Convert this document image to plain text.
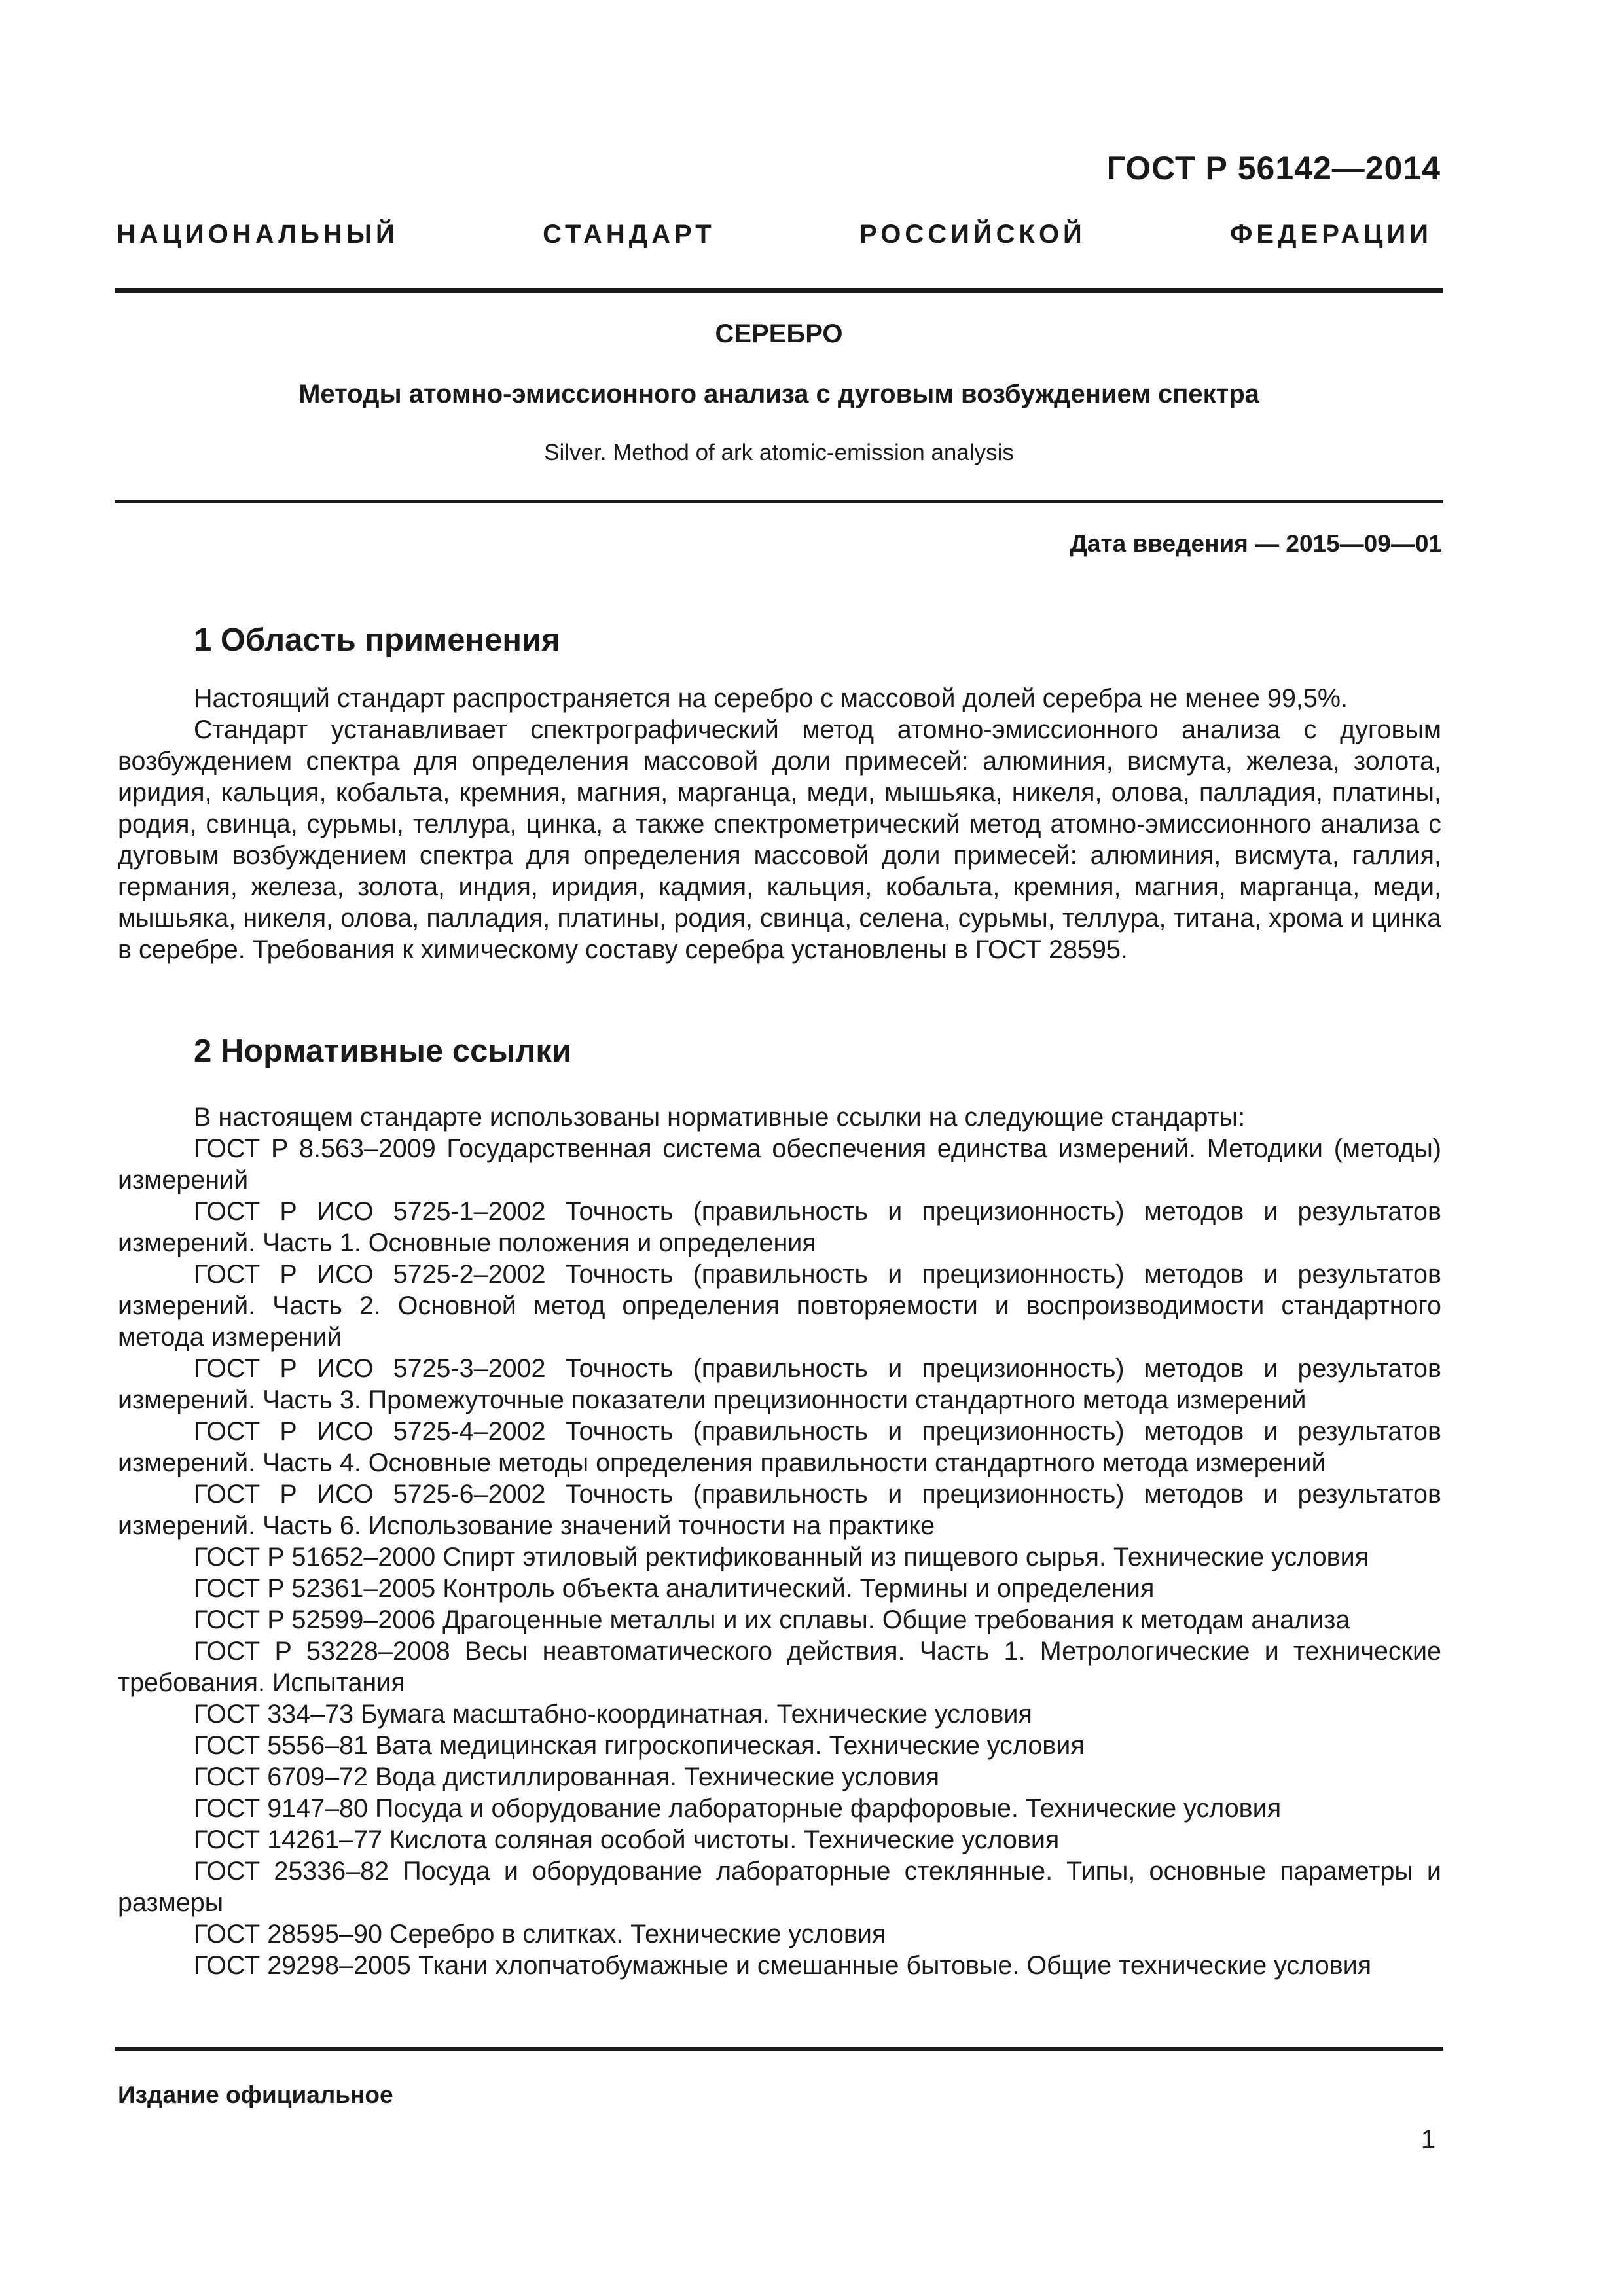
ГОСТ Р 56142—2014
НАЦИОНАЛЬНЫЙ СТАНДАРТ РОССИЙСКОЙ ФЕДЕРАЦИИ
СЕРЕБРО
Методы атомно-эмиссионного анализа с дуговым возбуждением спектра
Silver. Method of ark atomic-emission analysis
Дата введения — 2015—09—01
1 Область применения

Настоящий стандарт распространяется на серебро с массовой долей серебра не менее 99,5%.

Стандарт устанавливает спектрографический метод атомно-эмиссионного анализа с дуговым возбуждением спектра для определения массовой доли примесей: алюминия, висмута, железа, золота, иридия, кальция, кобальта, кремния, магния, марганца, меди, мышьяка, никеля, олова, палладия, платины, родия, свинца, сурьмы, теллура, цинка, а также спектрометрический метод атомно-эмиссионного анализа с дуговым возбуждением спектра для определения массовой доли примесей: алюминия, висмута, галлия, германия, железа, золота, индия, иридия, кадмия, кальция, кобальта, кремния, магния, марганца, меди, мышьяка, никеля, олова, палладия, платины, родия, свинца, селена, сурьмы, теллура, титана, хрома и цинка в серебре. Требования к химическому составу серебра установлены в ГОСТ 28595.

2 Нормативные ссылки

В настоящем стандарте использованы нормативные ссылки на следующие стандарты:

ГОСТ Р 8.563–2009 Государственная система обеспечения единства измерений. Методики (методы) измерений

ГОСТ Р ИСО 5725-1–2002 Точность (правильность и прецизионность) методов и результатов измерений. Часть 1. Основные положения и определения

ГОСТ Р ИСО 5725-2–2002 Точность (правильность и прецизионность) методов и результатов измерений. Часть 2. Основной метод определения повторяемости и воспроизводимости стандартного метода измерений

ГОСТ Р ИСО 5725-3–2002 Точность (правильность и прецизионность) методов и результатов измерений. Часть 3. Промежуточные показатели прецизионности стандартного метода измерений

ГОСТ Р ИСО 5725-4–2002 Точность (правильность и прецизионность) методов и результатов измерений. Часть 4. Основные методы определения правильности стандартного метода измерений

ГОСТ Р ИСО 5725-6–2002 Точность (правильность и прецизионность) методов и результатов измерений. Часть 6. Использование значений точности на практике

ГОСТ Р 51652–2000 Спирт этиловый ректификованный из пищевого сырья. Технические условия

ГОСТ Р 52361–2005 Контроль объекта аналитический. Термины и определения

ГОСТ Р 52599–2006 Драгоценные металлы и их сплавы. Общие требования к методам анализа

ГОСТ Р 53228–2008 Весы неавтоматического действия. Часть 1. Метрологические и технические требования. Испытания

ГОСТ 334–73 Бумага масштабно-координатная. Технические условия

ГОСТ 5556–81 Вата медицинская гигроскопическая. Технические условия

ГОСТ 6709–72 Вода дистиллированная. Технические условия

ГОСТ 9147–80 Посуда и оборудование лабораторные фарфоровые. Технические условия

ГОСТ 14261–77 Кислота соляная особой чистоты. Технические условия

ГОСТ 25336–82 Посуда и оборудование лабораторные стеклянные. Типы, основные параметры и размеры

ГОСТ 28595–90 Серебро в слитках. Технические условия

ГОСТ 29298–2005 Ткани хлопчатобумажные и смешанные бытовые. Общие технические условия

Издание официальное
1
